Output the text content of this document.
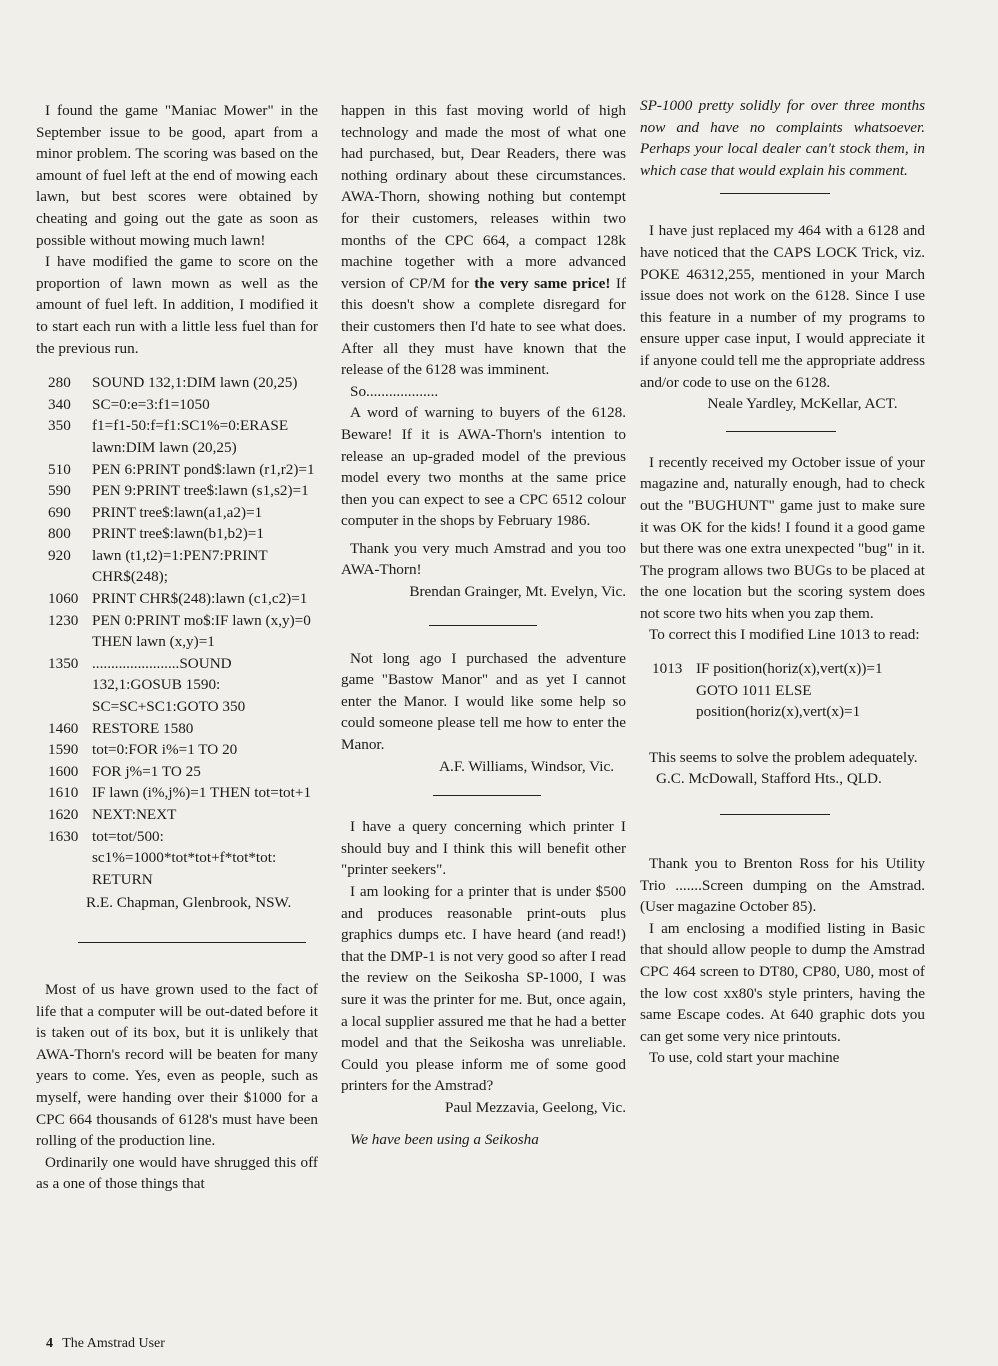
I found the game "Maniac Mower" in the September issue to be good, apart from a minor problem. The scoring was based on the amount of fuel left at the end of mowing each lawn, but best scores were obtained by cheating and going out the gate as soon as possible without mowing much lawn!

I have modified the game to score on the proportion of lawn mown as well as the amount of fuel left. In addition, I modified it to start each run with a little less fuel than for the previous run.

280	SOUND 132,1:DIM lawn (20,25)
340	SC=0:e=3:f1=1050
350	f1=f1-50:f=f1:SC1%=0:ERASE lawn:DIM lawn (20,25)
510	PEN 6:PRINT pond$:lawn (r1,r2)=1
590	PEN 9:PRINT tree$:lawn (s1,s2)=1
690	PRINT tree$:lawn(a1,a2)=1
800	PRINT tree$:lawn(b1,b2)=1
920	lawn (t1,t2)=1:PEN7:PRINT CHR$(248);
1060 PRINT CHR$(248):lawn (c1,c2)=1
1230 PEN 0:PRINT mo$:IF lawn (x,y)=0 THEN lawn (x,y)=1
1350 .......................SOUND 132,1:GOSUB 1590: SC=SC+SC1:GOTO 350
1460 RESTORE 1580
1590 tot=0:FOR i%=1 TO 20
1600 FOR j%=1 TO 25
1610 IF lawn (i%,j%)=1 THEN tot=tot+1
1620 NEXT:NEXT
1630 tot=tot/500: sc1%=1000*tot*tot+f*tot*tot: RETURN

R.E. Chapman, Glenbrook, NSW.

Most of us have grown used to the fact of life that a computer will be out-dated before it is taken out of its box, but it is unlikely that AWA-Thorn's record will be beaten for many years to come. Yes, even as people, such as myself, were handing over their $1000 for a CPC 664 thousands of 6128's must have been rolling of the production line.

Ordinarily one would have shrugged this off as a one of those things that

happen in this fast moving world of high technology and made the most of what one had purchased, but, Dear Readers, there was nothing ordinary about these circumstances. AWA-Thorn, showing nothing but contempt for their customers, releases within two months of the CPC 664, a compact 128k machine together with a more advanced version of CP/M for the very same price! If this doesn't show a complete disregard for their customers then I'd hate to see what does. After all they must have known that the release of the 6128 was imminent.

So...................

A word of warning to buyers of the 6128. Beware! If it is AWA-Thorn's intention to release an up-graded model of the previous model every two months at the same price then you can expect to see a CPC 6512 colour computer in the shops by February 1986.

Thank you very much Amstrad and you too AWA-Thorn!

Brendan Grainger, Mt. Evelyn, Vic.

Not long ago I purchased the adventure game "Bastow Manor" and as yet I cannot enter the Manor. I would like some help so could someone please tell me how to enter the Manor.

A.F. Williams, Windsor, Vic.

I have a query concerning which printer I should buy and I think this will benefit other "printer seekers".

I am looking for a printer that is under $500 and produces reasonable print-outs plus graphics dumps etc. I have heard (and read!) that the DMP-1 is not very good so after I read the review on the Seikosha SP-1000, I was sure it was the printer for me. But, once again, a local supplier assured me that he had a better model and that the Seikosha was unreliable. Could you please inform me of some good printers for the Amstrad?

Paul Mezzavia, Geelong, Vic.

We have been using a Seikosha

SP-1000 pretty solidly for over three months now and have no complaints whatsoever. Perhaps your local dealer can't stock them, in which case that would explain his comment.

I have just replaced my 464 with a 6128 and have noticed that the CAPS LOCK Trick, viz. POKE 46312,255, mentioned in your March issue does not work on the 6128. Since I use this feature in a number of my programs to ensure upper case input, I would appreciate it if anyone could tell me the appropriate address and/or code to use on the 6128.

Neale Yardley, McKellar, ACT.

I recently received my October issue of your magazine and, naturally enough, had to check out the "BUGHUNT" game just to make sure it was OK for the kids! I found it a good game but there was one extra unexpected "bug" in it. The program allows two BUGs to be placed at the one location but the scoring system does not score two hits when you zap them.

To correct this I modified Line 1013 to read:

1013 IF position(horiz(x),vert(x))=1 GOTO 1011 ELSE position(horiz(x),vert(x)=1

This seems to solve the problem adequately.

G.C. McDowall, Stafford Hts., QLD.

Thank you to Brenton Ross for his Utility Trio .......Screen dumping on the Amstrad. (User magazine October 85).

I am enclosing a modified listing in Basic that should allow people to dump the Amstrad CPC 464 screen to DT80, CP80, U80, most of the low cost xx80's style printers, having the same Escape codes. At 640 graphic dots you can get some very nice printouts.

To use, cold start your machine

4 The Amstrad User
